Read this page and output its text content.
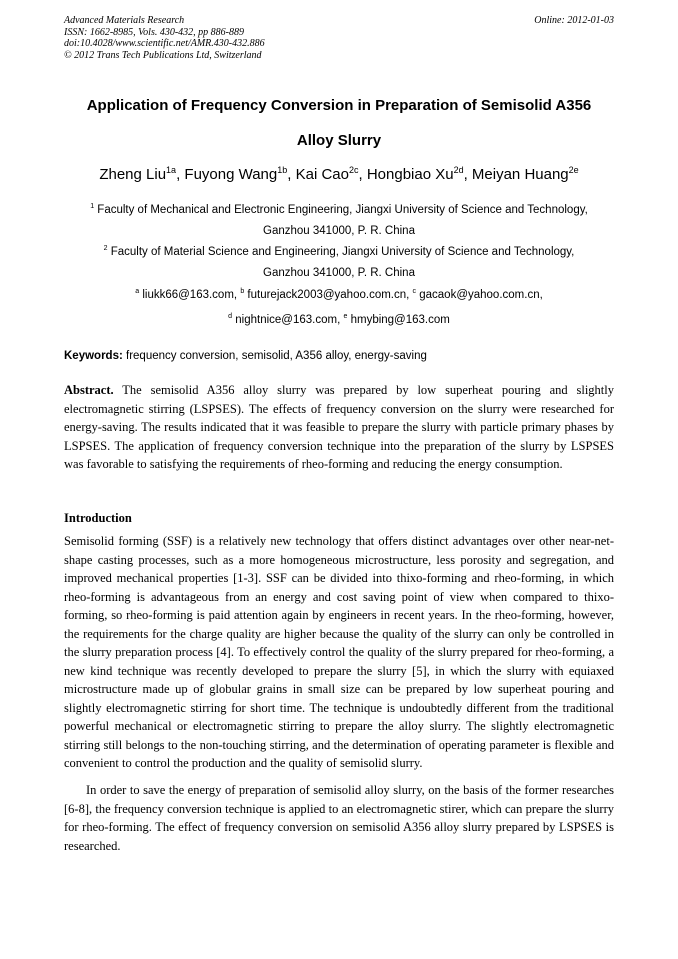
Advanced Materials Research
ISSN: 1662-8985, Vols. 430-432, pp 886-889
doi:10.4028/www.scientific.net/AMR.430-432.886
© 2012 Trans Tech Publications Ltd, Switzerland
Online: 2012-01-03
Application of Frequency Conversion in Preparation of Semisolid A356
Alloy Slurry
Zheng Liu$^{1a}$, Fuyong Wang$^{1b}$, Kai Cao$^{2c}$, Hongbiao $Xu^{2d}$, Meiyan Huang$^{2e}$
$^1$ Faculty of Mechanical and Electronic Engineering, Jiangxi University of Science and Technology,
Ganzhou 341000, P. R. China
$^2$ Faculty of Material Science and Engineering, Jiangxi University of Science and Technology,
Ganzhou 341000, P. R. China
$^a$ liukk66@163.com, $^b$ futurejack2003@yahoo.com.cn, $^c$ gacaok@yahoo.com.cn,
$^d$ nightnice@163.com, $^e$ hmybing@163.com
Keywords: frequency conversion, semisolid, A356 alloy, energy-saving
Abstract. The semisolid A356 alloy slurry was prepared by low superheat pouring and slightly electromagnetic stirring (LSPSES). The effects of frequency conversion on the slurry were researched for energy-saving. The results indicated that it was feasible to prepare the slurry with particle primary phases by LSPSES. The application of frequency conversion technique into the preparation of the slurry by LSPSES was favorable to satisfying the requirements of rheo-forming and reducing the energy consumption.
Introduction
Semisolid forming (SSF) is a relatively new technology that offers distinct advantages over other near-net-shape casting processes, such as a more homogeneous microstructure, less porosity and segregation, and improved mechanical properties [1-3]. SSF can be divided into thixo-forming and rheo-forming, in which rheo-forming is advantageous from an energy and cost saving point of view when compared to thixo-forming, so rheo-forming is paid attention again by engineers in recent years. In the rheo-forming, however, the requirements for the charge quality are higher because the quality of the slurry can only be controlled in the slurry preparation process [4]. To effectively control the quality of the slurry prepared for rheo-forming, a new kind technique was recently developed to prepare the slurry [5], in which the slurry with equiaxed microstructure made up of globular grains in small size can be prepared by low superheat pouring and slightly electromagnetic stirring for short time. The technique is undoubtedly different from the traditional powerful mechanical or electromagnetic stirring to prepare the alloy slurry. The slightly electromagnetic stirring still belongs to the non-touching stirring, and the determination of operating parameter is flexible and convenient to control the production and the quality of semisolid slurry.
In order to save the energy of preparation of semisolid alloy slurry, on the basis of the former researches [6-8], the frequency conversion technique is applied to an electromagnetic stirer, which can prepare the slurry for rheo-forming. The effect of frequency conversion on semisolid A356 alloy slurry prepared by LSPSES is researched.
